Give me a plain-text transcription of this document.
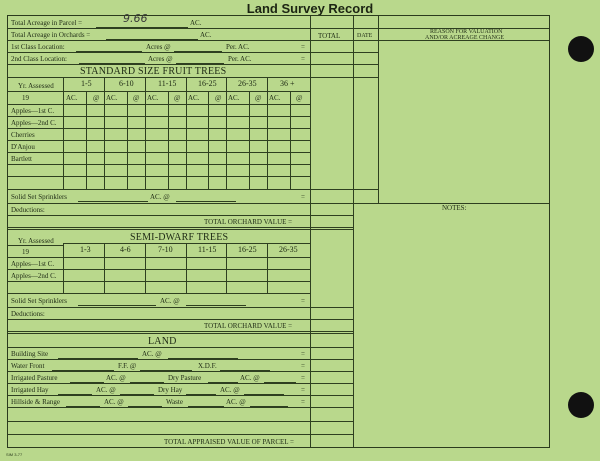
Land Survey Record
Total Acreage in Parcel =	9.66	AC.
Total Acreage in Orchards =	AC.	TOTAL	DATE
REASON FOR VALUATION
AND/OR ACREAGE CHANGE
1st Class Location:	Acres @	Per. AC.	=
2nd Class Location:	Acres @	Per. AC.	=
STANDARD SIZE FRUIT TREES
Yr. Assessed	1-5	6-10	11-15	16-25	26-35	36 +
19	AC. @ AC. @ AC. @ AC. @ AC. @ AC. @
Apples—1st C.
Apples—2nd C.
Cherries
D'Anjou
Bartlett
Solid Set Sprinklers	AC. @	=
Deductions:	NOTES:
TOTAL ORCHARD VALUE =
Yr. Assessed	SEMI-DWARF TREES
19	1-3	4-6	7-10	11-15	16-25	26-35
Apples—1st C.
Apples—2nd C.
Solid Set Sprinklers	AC. @	=
Deductions:
TOTAL ORCHARD VALUE =
LAND
Building Site	AC. @	=
Water Front	F.F. @	X.D.F.	=
Irrigated Pasture	AC. @	Dry Pasture	AC. @	=
Irrigated Hay	AC. @	Dry Hay	AC. @	=
Hillside & Range	AC. @	Waste	AC. @	=
TOTAL APPRAISED VALUE OF PARCEL =
SIM 3-77
